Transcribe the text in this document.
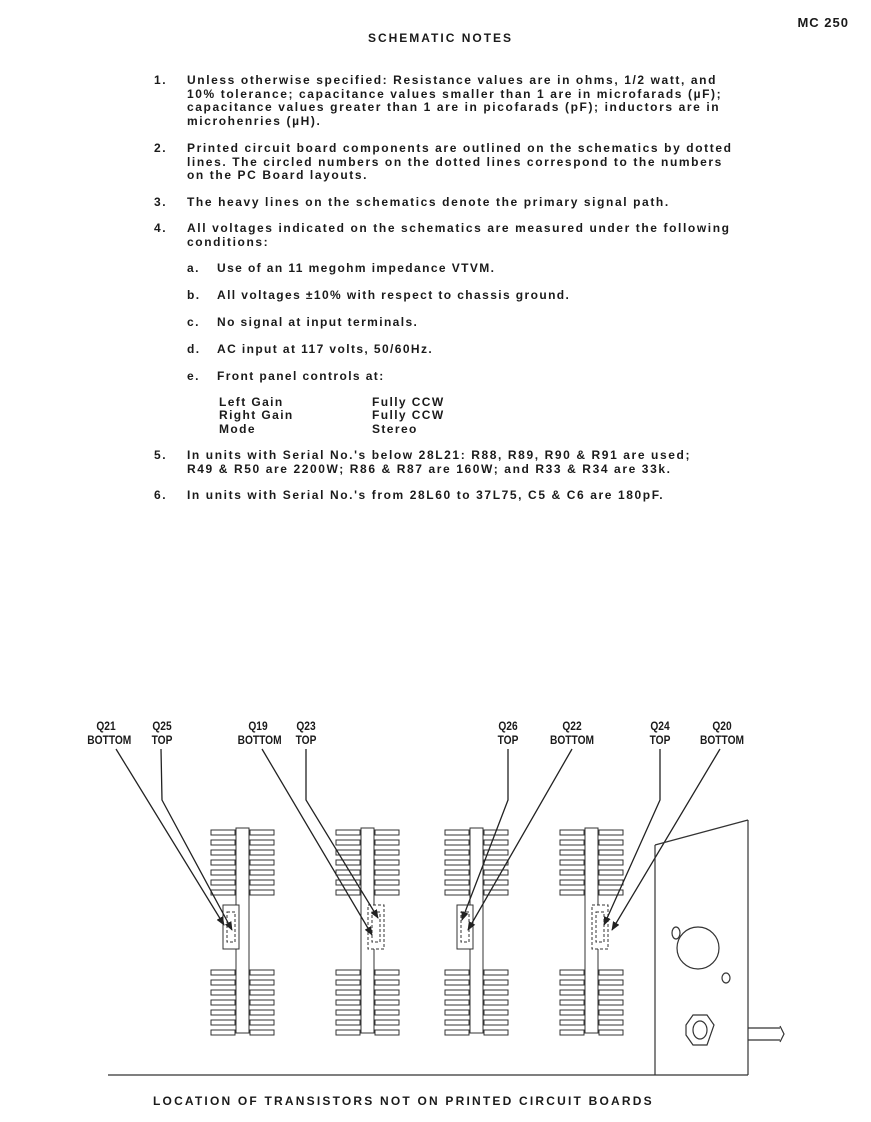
MC 250
SCHEMATIC NOTES
1. Unless otherwise specified: Resistance values are in ohms, 1/2 watt, and
10% tolerance; capacitance values smaller than 1 are in microfarads (µF);
capacitance values greater than 1 are in picofarads (pF); inductors are in
microhenries (µH).
2. Printed circuit board components are outlined on the schematics by dotted
lines. The circled numbers on the dotted lines correspond to the numbers
on the PC Board layouts.
3. The heavy lines on the schematics denote the primary signal path.
4. All voltages indicated on the schematics are measured under the following
conditions:
a. Use of an 11 megohm impedance VTVM.
b. All voltages ±10% with respect to chassis ground.
c. No signal at input terminals.
d. AC input at 117 volts, 50/60Hz.
e. Front panel controls at:
Left Gain	Fully CCW
Right Gain	Fully CCW
Mode	Stereo
5. In units with Serial No.'s below 28L21: R88, R89, R90 & R91 are used;
R49 & R50 are 2200W; R86 & R87 are 160W; and R33 & R34 are 33k.
6. In units with Serial No.'s from 28L60 to 37L75, C5 & C6 are 180pF.
Q21
BOTTOM
Q25
TOP
Q19
BOTTOM
Q23
TOP
Q26
TOP
Q22
BOTTOM
Q24
TOP
Q20
BOTTOM
LOCATION OF TRANSISTORS NOT ON PRINTED CIRCUIT BOARDS
